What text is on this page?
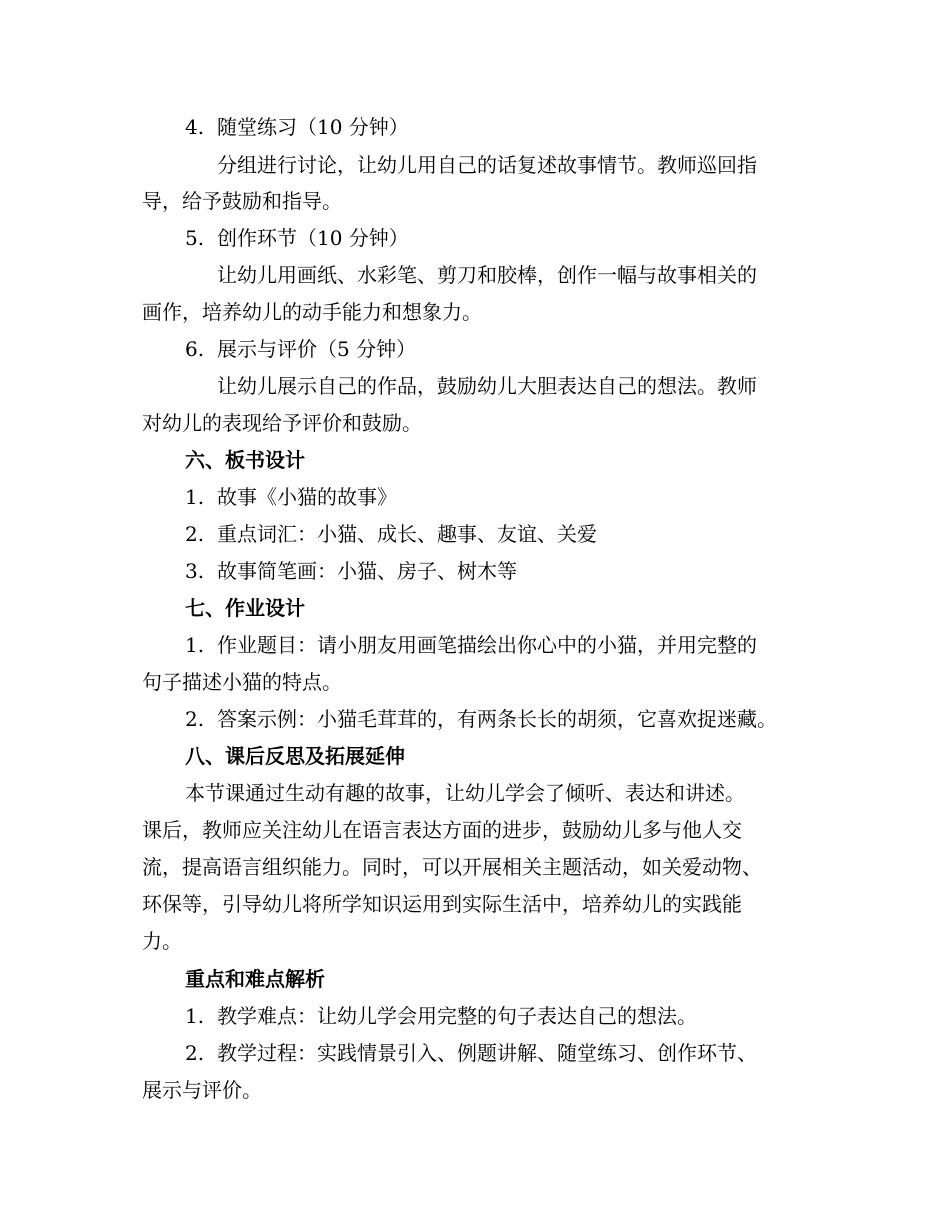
4. 随堂练习（10 分钟）
分组进行讨论，让幼儿用自己的话复述故事情节。教师巡回指
导，给予鼓励和指导。
5. 创作环节（10 分钟）
让幼儿用画纸、水彩笔、剪刀和胶棒，创作一幅与故事相关的
画作，培养幼儿的动手能力和想象力。
6. 展示与评价（5 分钟）
让幼儿展示自己的作品，鼓励幼儿大胆表达自己的想法。教师
对幼儿的表现给予评价和鼓励。
六、板书设计
1. 故事《小猫的故事》
2. 重点词汇：小猫、成长、趣事、友谊、关爱
3. 故事简笔画：小猫、房子、树木等
七、作业设计
1. 作业题目：请小朋友用画笔描绘出你心中的小猫，并用完整的
句子描述小猫的特点。
2. 答案示例：小猫毛茸茸的，有两条长长的胡须，它喜欢捉迷藏。
八、课后反思及拓展延伸
本节课通过生动有趣的故事，让幼儿学会了倾听、表达和讲述。
课后，教师应关注幼儿在语言表达方面的进步，鼓励幼儿多与他人交
流，提高语言组织能力。同时，可以开展相关主题活动，如关爱动物、
环保等，引导幼儿将所学知识运用到实际生活中，培养幼儿的实践能
力。
重点和难点解析
1. 教学难点：让幼儿学会用完整的句子表达自己的想法。
2. 教学过程：实践情景引入、例题讲解、随堂练习、创作环节、
展示与评价。
